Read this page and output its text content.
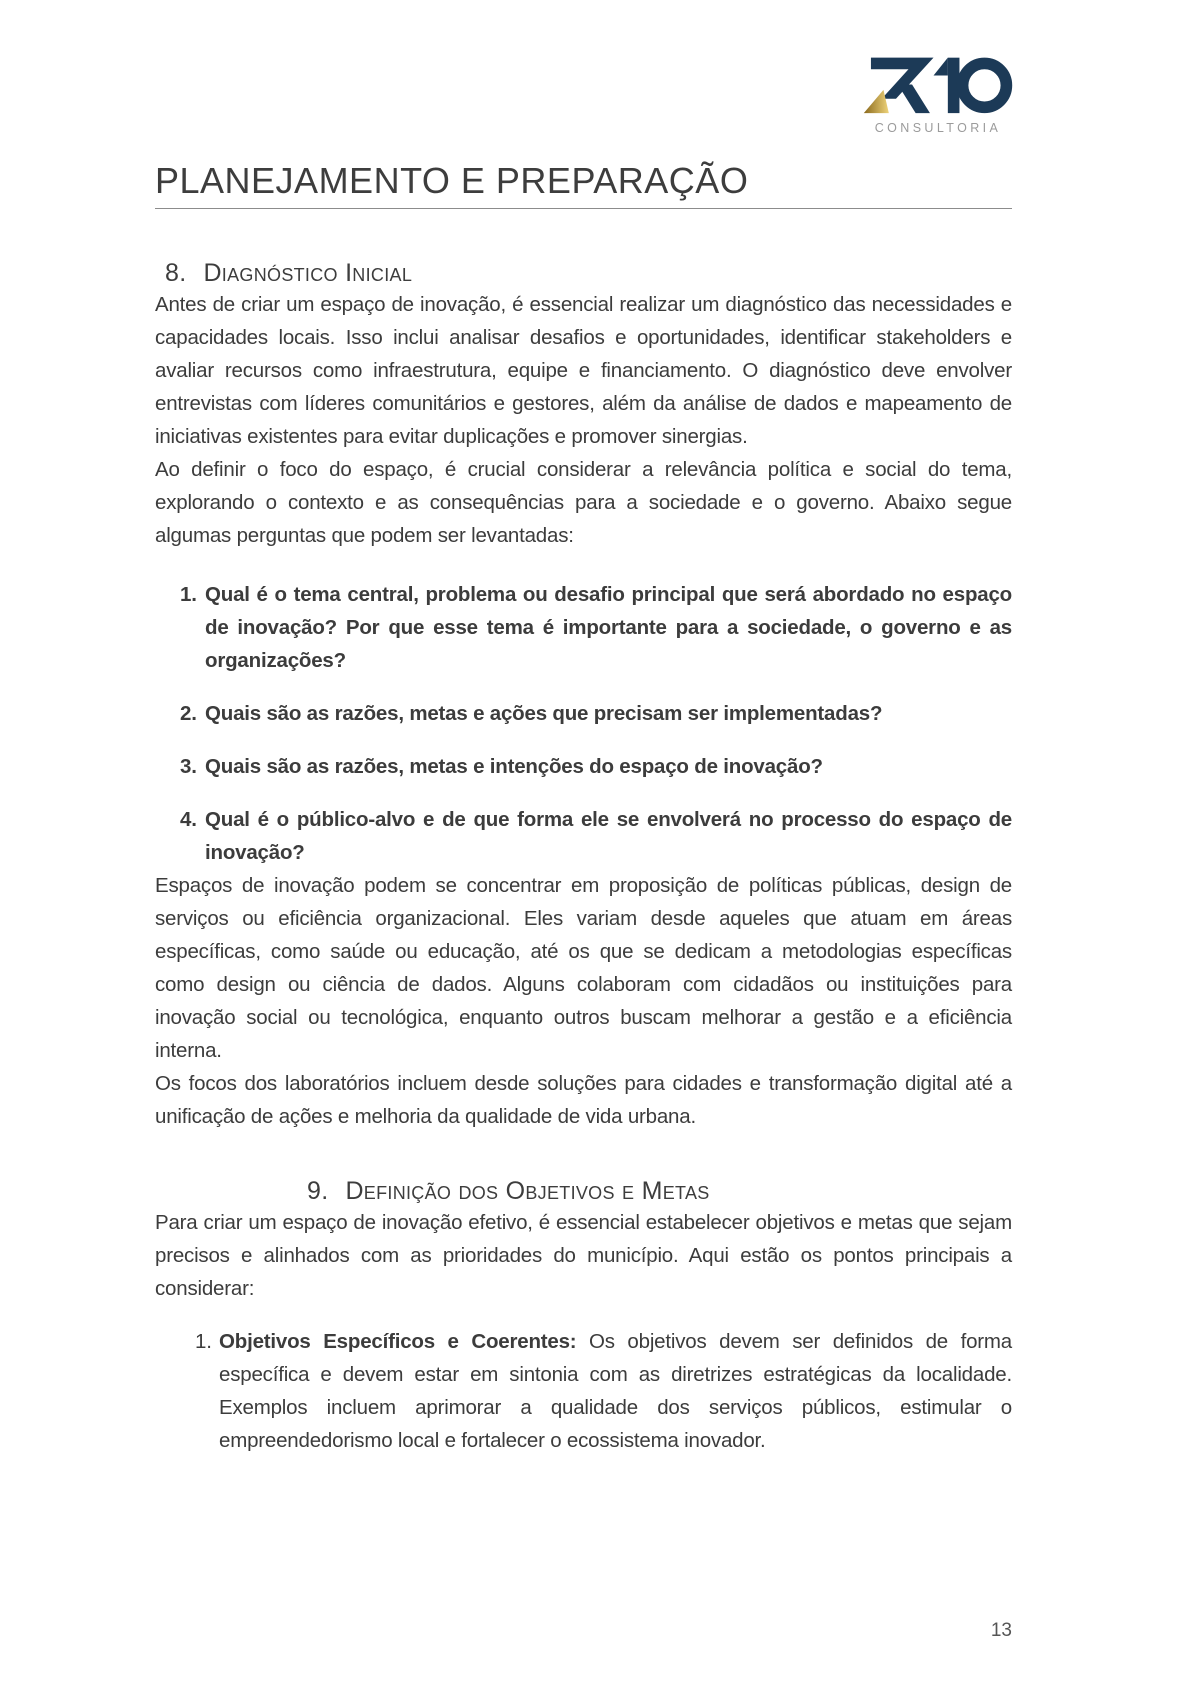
CONSULTORIA
PLANEJAMENTO E PREPARAÇÃO
8. Diagnóstico Inicial

Antes de criar um espaço de inovação, é essencial realizar um diagnóstico das necessidades e capacidades locais. Isso inclui analisar desafios e oportunidades, identificar stakeholders e avaliar recursos como infraestrutura, equipe e financiamento. O diagnóstico deve envolver entrevistas com líderes comunitários e gestores, além da análise de dados e mapeamento de iniciativas existentes para evitar duplicações e promover sinergias.

Ao definir o foco do espaço, é crucial considerar a relevância política e social do tema, explorando o contexto e as consequências para a sociedade e o governo. Abaixo segue algumas perguntas que podem ser levantadas:

1. Qual é o tema central, problema ou desafio principal que será abordado no espaço de inovação? Por que esse tema é importante para a sociedade, o governo e as organizações?
2. Quais são as razões, metas e ações que precisam ser implementadas?
3. Quais são as razões, metas e intenções do espaço de inovação?
4. Qual é o público-alvo e de que forma ele se envolverá no processo do espaço de inovação?

Espaços de inovação podem se concentrar em proposição de políticas públicas, design de serviços ou eficiência organizacional. Eles variam desde aqueles que atuam em áreas específicas, como saúde ou educação, até os que se dedicam a metodologias específicas como design ou ciência de dados. Alguns colaboram com cidadãos ou instituições para inovação social ou tecnológica, enquanto outros buscam melhorar a gestão e a eficiência interna.

Os focos dos laboratórios incluem desde soluções para cidades e transformação digital até a unificação de ações e melhoria da qualidade de vida urbana.

9. Definição dos Objetivos e Metas

Para criar um espaço de inovação efetivo, é essencial estabelecer objetivos e metas que sejam precisos e alinhados com as prioridades do município. Aqui estão os pontos principais a considerar:

1. Objetivos Específicos e Coerentes: Os objetivos devem ser definidos de forma específica e devem estar em sintonia com as diretrizes estratégicas da localidade. Exemplos incluem aprimorar a qualidade dos serviços públicos, estimular o empreendedorismo local e fortalecer o ecossistema inovador.
13
